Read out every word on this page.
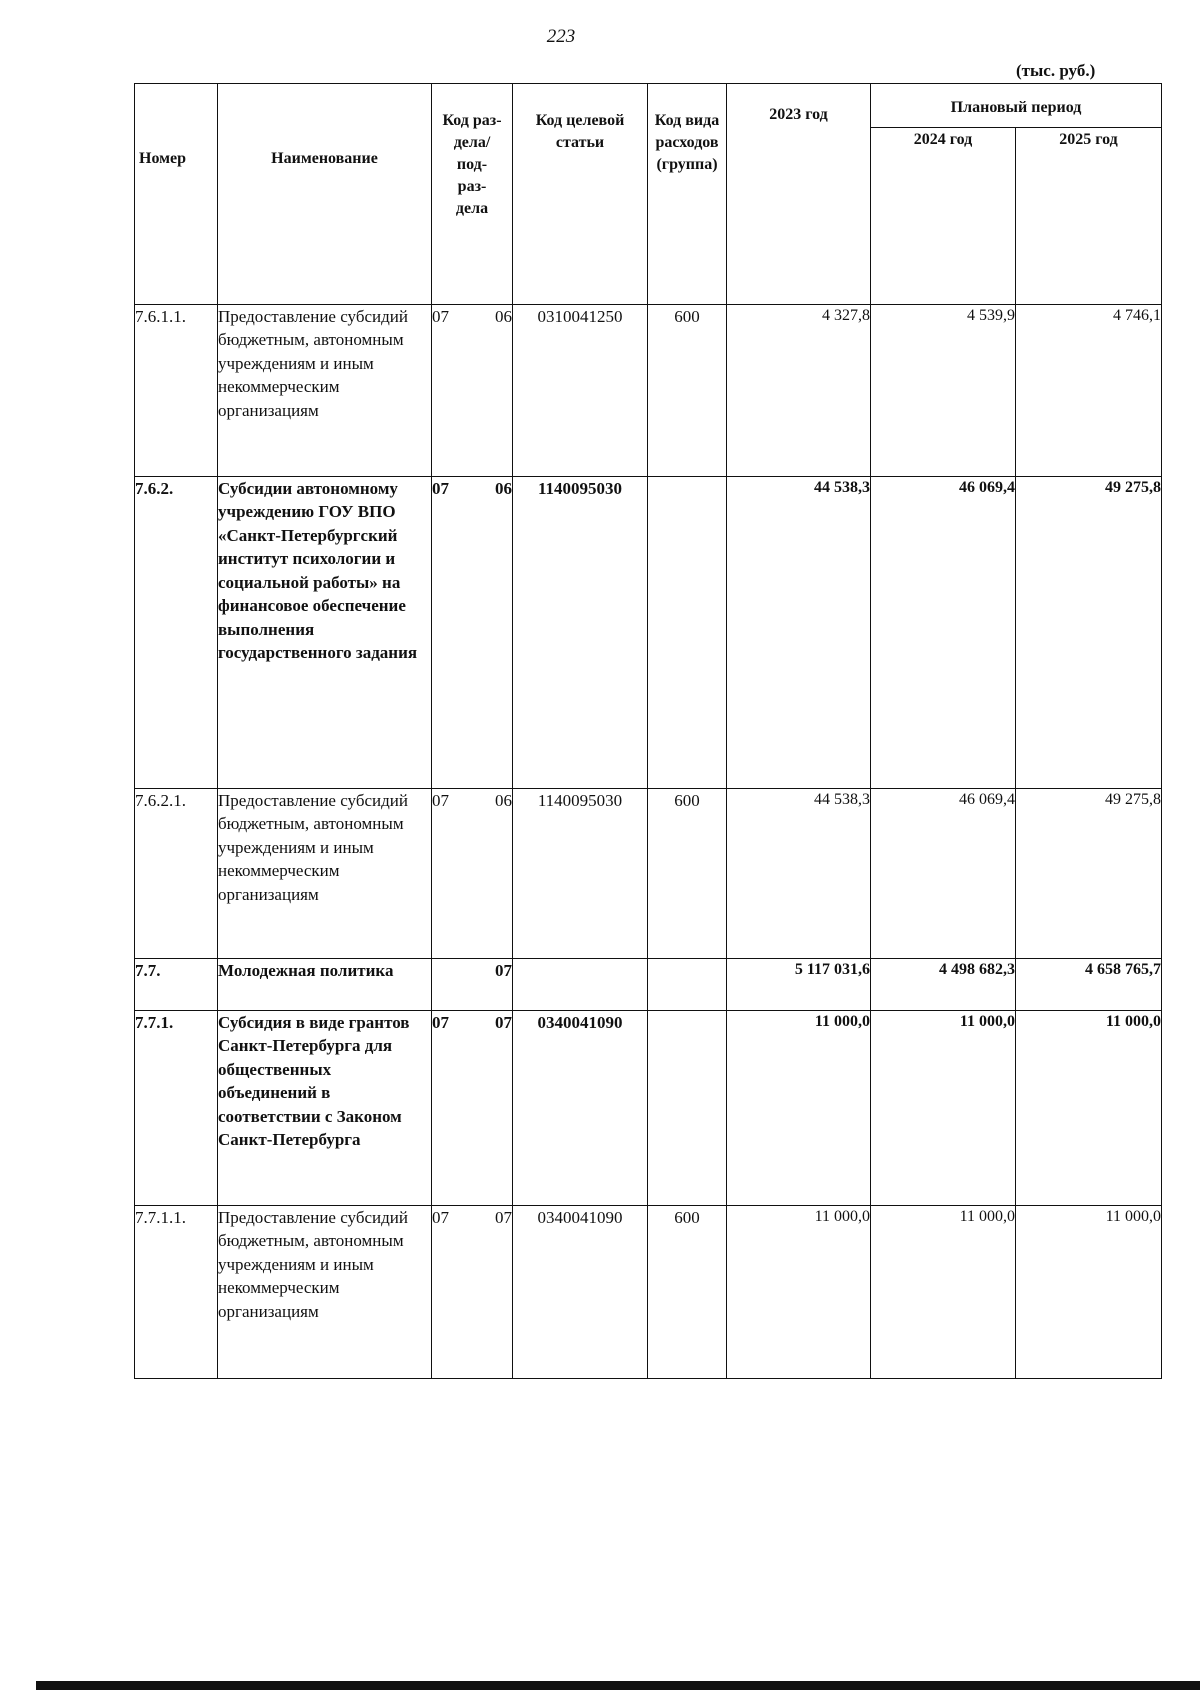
223
(тыс. руб.)
Номер	Наименование	Код раз- дела/ под- раз- дела	Код целевой статьи	Код вида расходов (группа)	2023 год	Плановый период	
						2024 год	2025 год
7.6.1.1.	Предоставление субсидий бюджетным, автономным учреждениям и иным некоммерческим организациям	07 06	0310041250	600	4 327,8	4 539,9	4 746,1
7.6.2.	Субсидии автономному учреждению ГОУ ВПО «Санкт-Петербургский институт психологии и социальной работы» на финансовое обеспечение выполнения государственного задания	07 06	1140095030		44 538,3	46 069,4	49 275,8
7.6.2.1.	Предоставление субсидий бюджетным, автономным учреждениям и иным некоммерческим организациям	07 06	1140095030	600	44 538,3	46 069,4	49 275,8
7.7.	Молодежная политика	07			5 117 031,6	4 498 682,3	4 658 765,7
7.7.1.	Субсидия в виде грантов Санкт-Петербурга для общественных объединений в соответствии с Законом Санкт-Петербурга	07 07	0340041090		11 000,0	11 000,0	11 000,0
7.7.1.1.	Предоставление субсидий бюджетным, автономным учреждениям и иным некоммерческим организациям	07 07	0340041090	600	11 000,0	11 000,0	11 000,0
